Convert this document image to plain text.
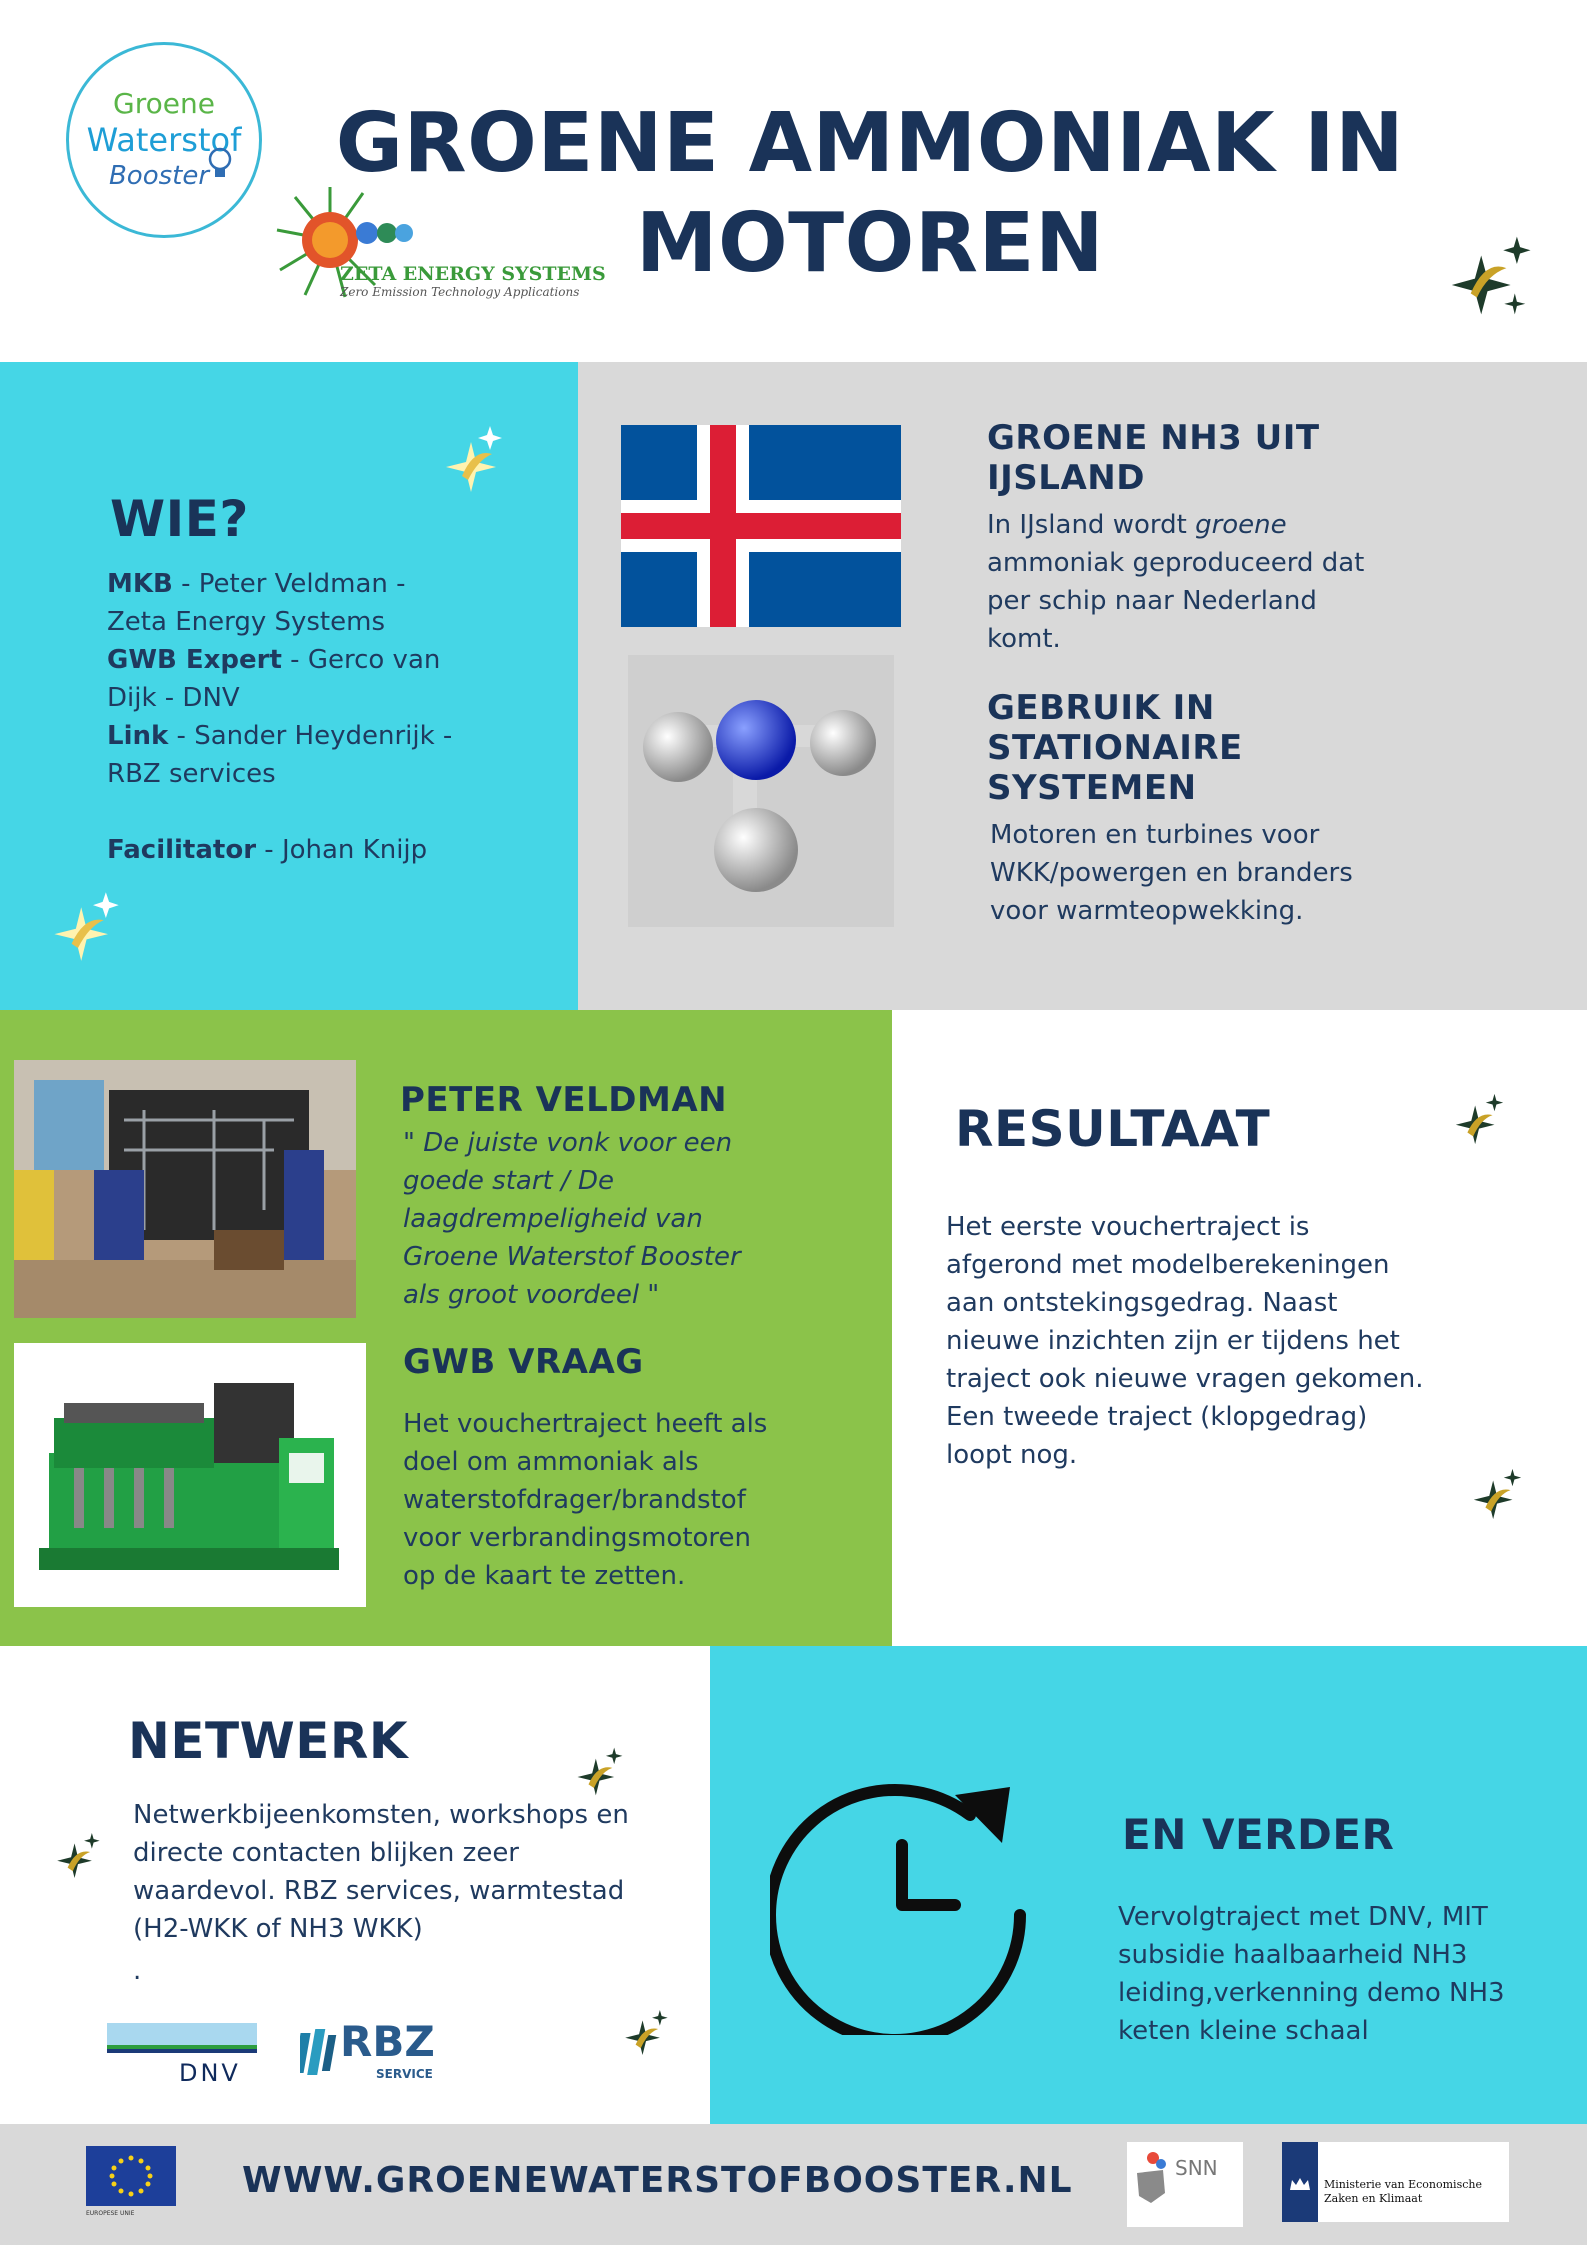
Groene
Waterstof
Booster
ZETA ENERGY SYSTEMS
Zero Emission Technology Applications
GROENE AMMONIAK IN
MOTOREN
WIE?
MKB - Peter Veldman - Zeta Energy Systems
GWB Expert - Gerco van Dijk - DNV
Link - Sander Heydenrijk -RBZ services
Facilitator - Johan Knijp
GROENE NH3 UIT IJSLAND
In IJsland wordt groene ammoniak geproduceerd dat per schip naar Nederland komt.
GEBRUIK IN STATIONAIRE SYSTEMEN
Motoren en turbines voor WKK/powergen en branders voor warmteopwekking.
PETER VELDMAN
" De juiste vonk voor een goede start / De laagdrempeligheid van Groene Waterstof Booster als groot voordeel "
GWB VRAAG
Het vouchertraject heeft als doel om ammoniak als waterstofdrager/brandstof voor verbrandingsmotoren op de kaart te zetten.
RESULTAAT
Het eerste vouchertraject is afgerond met modelberekeningen aan ontstekingsgedrag. Naast nieuwe inzichten zijn er tijdens het traject ook nieuwe vragen gekomen. Een tweede traject (klopgedrag) loopt nog.
NETWERK
Netwerkbijeenkomsten, workshops en directe contacten blijken zeer waardevol. RBZ services, warmtestad (H2-WKK of NH3 WKK)
.
DNV
RBZ
SERVICE
EN VERDER
Vervolgtraject met DNV, MIT subsidie haalbaarheid NH3 leiding,verkenning demo NH3 keten kleine schaal
EUROPESE UNIE
WWW.GROENEWATERSTOFBOOSTER.NL	SNN
Ministerie van Economische Zaken en Klimaat
